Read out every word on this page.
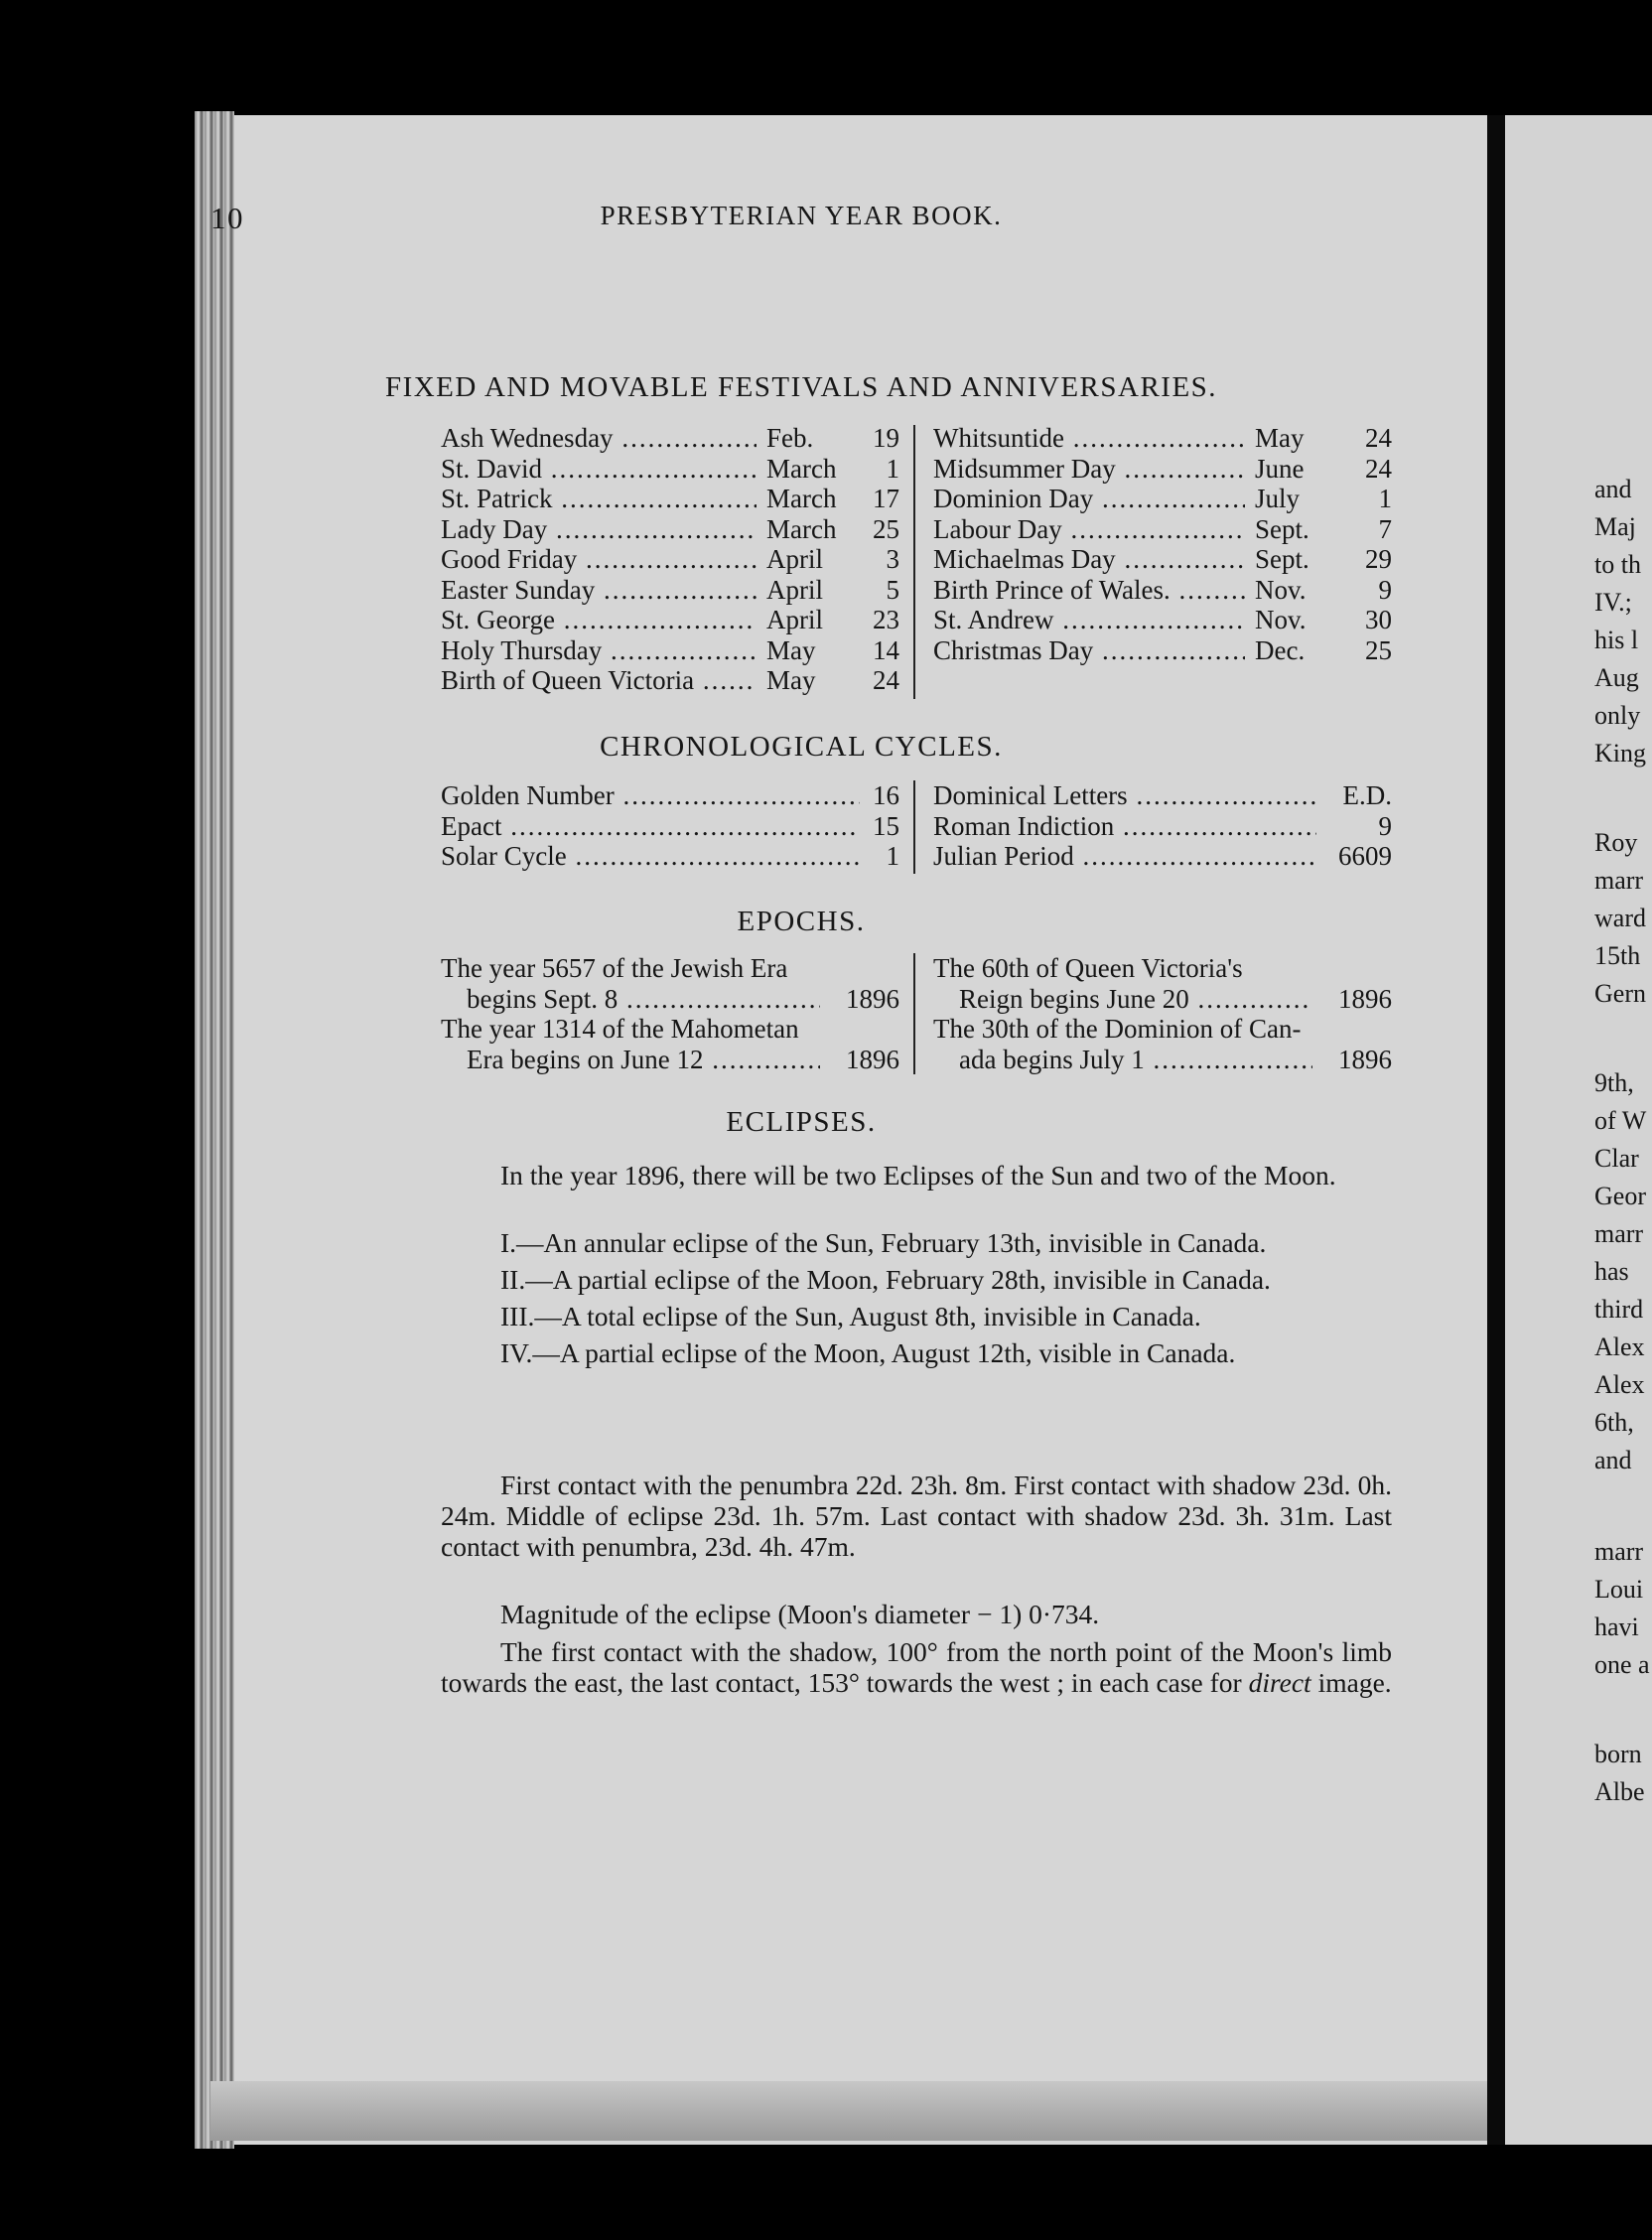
10	PRESBYTERIAN YEAR BOOK.
FIXED AND MOVABLE FESTIVALS AND ANNIVERSARIES.
Ash Wednesday .....	Feb.	19
St. David .....	March	1
St. Patrick .....	March	17
Lady Day .....	March	25
Good Friday .....	April	3
Easter Sunday .....	April	5
St. George .....	April	23
Holy Thursday .....	May	14
Birth of Queen Victoria .....	May	24
Whitsuntide .....	May	24
Midsummer Day .....	June	24
Dominion Day .....	July	1
Labour Day .....	Sept.	7
Michaelmas Day .....	Sept.	29
Birth Prince of Wales. .....	Nov.	9
St. Andrew .....	Nov.	30
Christmas Day .....	Dec.	25
CHRONOLOGICAL CYCLES.
Golden Number .....	16
Epact .....	15
Solar Cycle .....	1
Dominical Letters .....	E.D.
Roman Indiction .....	9
Julian Period .....	6609
EPOCHS.
The year 5657 of the Jewish Era
begins Sept. 8 .....	1896
The year 1314 of the Mahometan
Era begins on June 12 .....	1896
The 60th of Queen Victoria's
Reign begins June 20 .....	1896
The 30th of the Dominion of Can-
ada begins July 1 .....	1896
ECLIPSES.
In the year 1896, there will be two Eclipses of the Sun and two of the Moon.
I.—An annular eclipse of the Sun, February 13th, invisible in Canada.
II.—A partial eclipse of the Moon, February 28th, invisible in Canada.
III.—A total eclipse of the Sun, August 8th, invisible in Canada.
IV.—A partial eclipse of the Moon, August 12th, visible in Canada.
First contact with the penumbra 22d. 23h. 8m. First contact with shadow 23d. 0h. 24m. Middle of eclipse 23d. 1h. 57m. Last contact with shadow 23d. 3h. 31m. Last contact with penumbra, 23d. 4h. 47m.
Magnitude of the eclipse (Moon's diameter − 1) 0·734.
The first contact with the shadow, 100° from the north point of the Moon's limb towards the east, the last contact, 153° towards the west ; in each case for direct image.
and
Maj
to th
IV.;
his l
Aug
only
King
Roy
marr
ward
15th
Gern
9th,
of W
Clar
Geor
marr
has
third
Alex
Alex
6th,
and
marr
Loui
havi
one a
born
Albe
